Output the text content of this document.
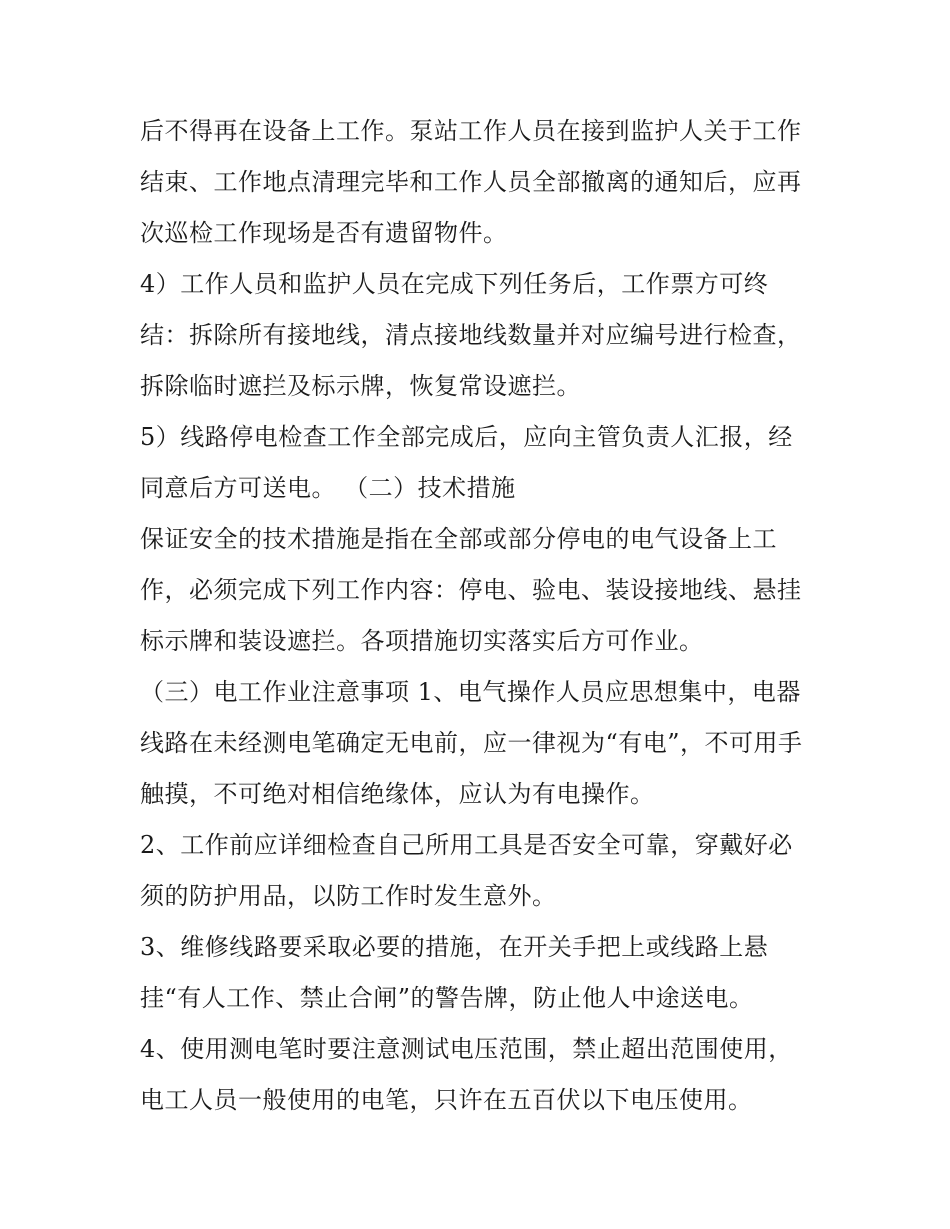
后不得再在设备上工作。泵站工作人员在接到监护人关于工作
结束、工作地点清理完毕和工作人员全部撤离的通知后，应再
次巡检工作现场是否有遗留物件。
4）工作人员和监护人员在完成下列任务后，工作票方可终
结：拆除所有接地线，清点接地线数量并对应编号进行检查，
拆除临时遮拦及标示牌，恢复常设遮拦。
5）线路停电检查工作全部完成后，应向主管负责人汇报，经
同意后方可送电。 （二）技术措施
保证安全的技术措施是指在全部或部分停电的电气设备上工
作，必须完成下列工作内容：停电、验电、装设接地线、悬挂
标示牌和装设遮拦。各项措施切实落实后方可作业。
（三）电工作业注意事项 1、电气操作人员应思想集中，电器
线路在未经测电笔确定无电前，应一律视为“有电”，不可用手
触摸，不可绝对相信绝缘体，应认为有电操作。
2、工作前应详细检查自己所用工具是否安全可靠，穿戴好必
须的防护用品，以防工作时发生意外。
3、维修线路要采取必要的措施，在开关手把上或线路上悬
挂“有人工作、禁止合闸”的警告牌，防止他人中途送电。
4、使用测电笔时要注意测试电压范围，禁止超出范围使用，
电工人员一般使用的电笔，只许在五百伏以下电压使用。
